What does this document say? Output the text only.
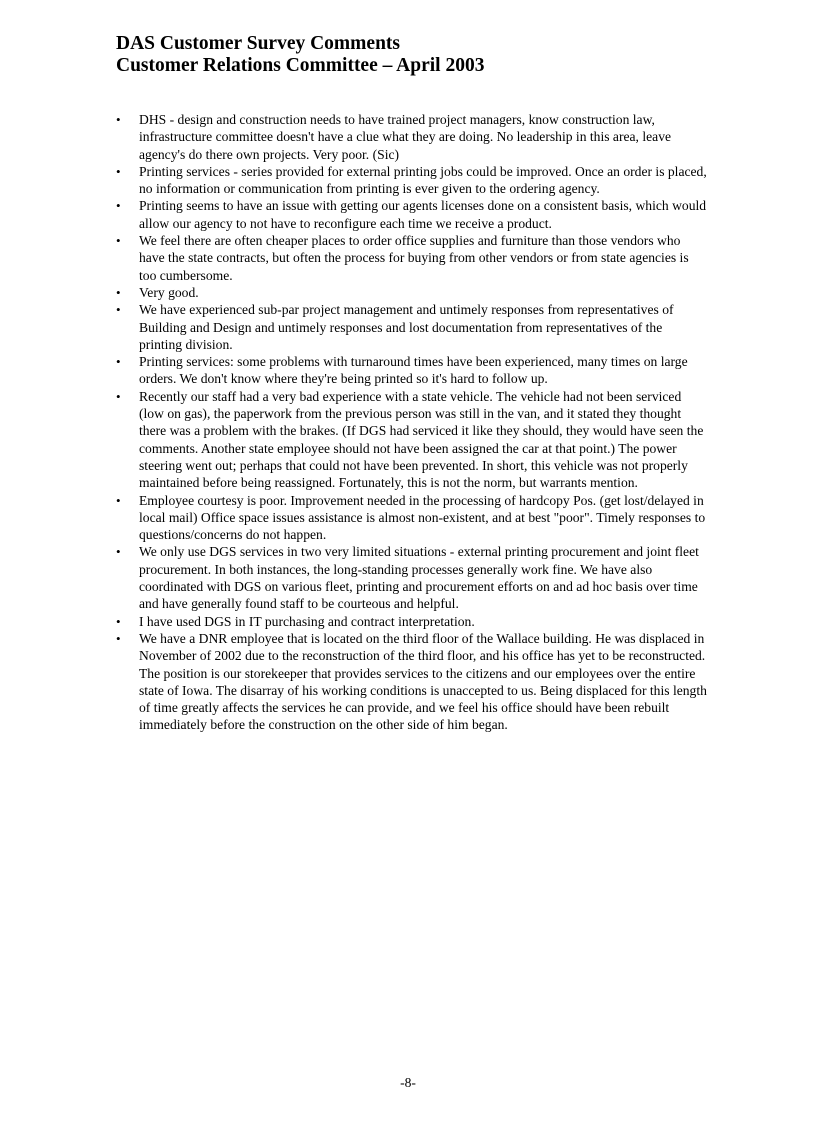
DAS Customer Survey Comments
Customer Relations Committee – April 2003
• DHS - design and construction needs to have trained project managers, know construction law, infrastructure committee doesn't have a clue what they are doing. No leadership in this area, leave agency's do there own projects. Very poor. (Sic)
• Printing services - series provided for external printing jobs could be improved. Once an order is placed, no information or communication from printing is ever given to the ordering agency.
• Printing seems to have an issue with getting our agents licenses done on a consistent basis, which would allow our agency to not have to reconfigure each time we receive a product.
• We feel there are often cheaper places to order office supplies and furniture than those vendors who have the state contracts, but often the process for buying from other vendors or from state agencies is too cumbersome.
• Very good.
• We have experienced sub-par project management and untimely responses from representatives of Building and Design and untimely responses and lost documentation from representatives of the printing division.
• Printing services: some problems with turnaround times have been experienced, many times on large orders. We don't know where they're being printed so it's hard to follow up.
• Recently our staff had a very bad experience with a state vehicle. The vehicle had not been serviced (low on gas), the paperwork from the previous person was still in the van, and it stated they thought there was a problem with the brakes. (If DGS had serviced it like they should, they would have seen the comments. Another state employee should not have been assigned the car at that point.) The power steering went out; perhaps that could not have been prevented. In short, this vehicle was not properly maintained before being reassigned. Fortunately, this is not the norm, but warrants mention.
• Employee courtesy is poor. Improvement needed in the processing of hardcopy Pos. (get lost/delayed in local mail) Office space issues assistance is almost non-existent, and at best "poor". Timely responses to questions/concerns do not happen.
• We only use DGS services in two very limited situations - external printing procurement and joint fleet procurement. In both instances, the long-standing processes generally work fine. We have also coordinated with DGS on various fleet, printing and procurement efforts on and ad hoc basis over time and have generally found staff to be courteous and helpful.
• I have used DGS in IT purchasing and contract interpretation.
• We have a DNR employee that is located on the third floor of the Wallace building. He was displaced in November of 2002 due to the reconstruction of the third floor, and his office has yet to be reconstructed. The position is our storekeeper that provides services to the citizens and our employees over the entire state of Iowa. The disarray of his working conditions is unaccepted to us. Being displaced for this length of time greatly affects the services he can provide, and we feel his office should have been rebuilt immediately before the construction on the other side of him began.
-8-
